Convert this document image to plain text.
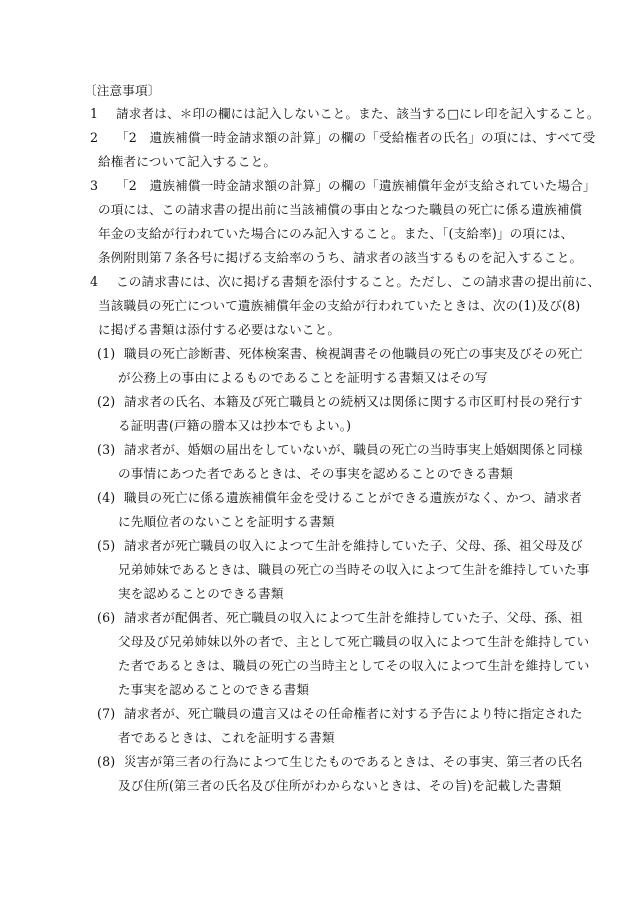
〔注意事項〕

1 請求者は、＊印の欄には記入しないこと。また、該当する□にレ印を記入すること。

2 「2　遺族補償一時金請求額の計算」の欄の「受給権者の氏名」の項には、すべて受

給権者について記入すること。

3 「2　遺族補償一時金請求額の計算」の欄の「遺族補償年金が支給されていた場合」

の項には、この請求書の提出前に当該補償の事由となつた職員の死亡に係る遺族補償

年金の支給が行われていた場合にのみ記入すること。また、「(支給率)」の項には、

条例附則第７条各号に掲げる支給率のうち、請求者の該当するものを記入すること。

4 この請求書には、次に掲げる書類を添付すること。ただし、この請求書の提出前に、

当該職員の死亡について遺族補償年金の支給が行われていたときは、次の(1)及び(8)

に掲げる書類は添付する必要はないこと。

(1) 職員の死亡診断書、死体検案書、検視調書その他職員の死亡の事実及びその死亡

が公務上の事由によるものであることを証明する書類又はその写

(2) 請求者の氏名、本籍及び死亡職員との続柄又は関係に関する市区町村長の発行す

る証明書(戸籍の謄本又は抄本でもよい。)

(3) 請求者が、婚姻の届出をしていないが、職員の死亡の当時事実上婚姻関係と同様

の事情にあつた者であるときは、その事実を認めることのできる書類

(4) 職員の死亡に係る遺族補償年金を受けることができる遺族がなく、かつ、請求者

に先順位者のないことを証明する書類

(5) 請求者が死亡職員の収入によつて生計を維持していた子、父母、孫、祖父母及び

兄弟姉妹であるときは、職員の死亡の当時その収入によつて生計を維持していた事

実を認めることのできる書類

(6) 請求者が配偶者、死亡職員の収入によつて生計を維持していた子、父母、孫、祖

父母及び兄弟姉妹以外の者で、主として死亡職員の収入によつて生計を維持してい

た者であるときは、職員の死亡の当時主としてその収入によつて生計を維持してい

た事実を認めることのできる書類

(7) 請求者が、死亡職員の遺言又はその任命権者に対する予告により特に指定された

者であるときは、これを証明する書類

(8) 災害が第三者の行為によつて生じたものであるときは、その事実、第三者の氏名

及び住所(第三者の氏名及び住所がわからないときは、その旨)を記載した書類
